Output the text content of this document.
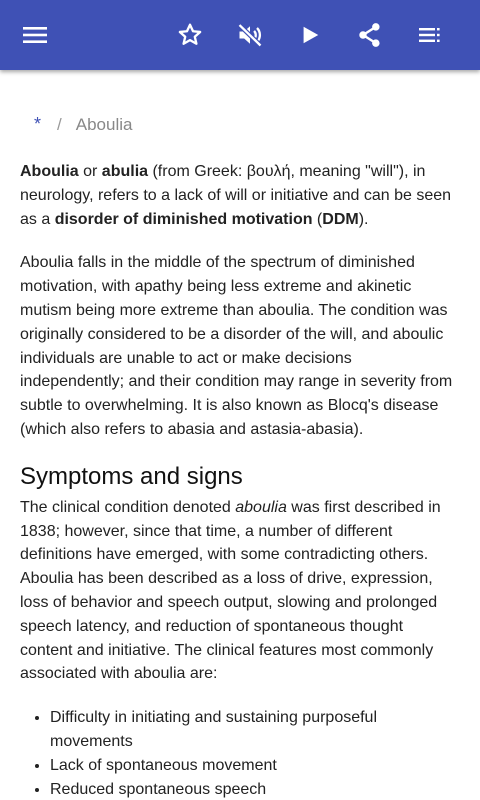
* / Aboulia

Aboulia or abulia (from Greek: βουλή, meaning "will"), in neurology, refers to a lack of will or initiative and can be seen as a disorder of diminished motivation (DDM).

Aboulia falls in the middle of the spectrum of diminished motivation, with apathy being less extreme and akinetic mutism being more extreme than aboulia. The condition was originally considered to be a disorder of the will, and aboulic individuals are unable to act or make decisions independently; and their condition may range in severity from subtle to overwhelming. It is also known as Blocq's disease (which also refers to abasia and astasia-abasia).

Symptoms and signs

The clinical condition denoted aboulia was first described in 1838; however, since that time, a number of different definitions have emerged, with some contradicting others. Aboulia has been described as a loss of drive, expression, loss of behavior and speech output, slowing and prolonged speech latency, and reduction of spontaneous thought content and initiative. The clinical features most commonly associated with aboulia are:

• Difficulty in initiating and sustaining purposeful movements
• Lack of spontaneous movement
• Reduced spontaneous speech
